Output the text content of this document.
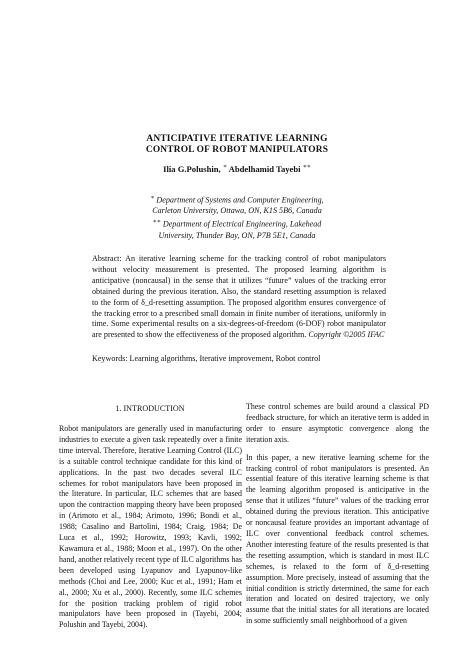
ANTICIPATIVE ITERATIVE LEARNING
CONTROL OF ROBOT MANIPULATORS
Ilia G.Polushin, ∗ Abdelhamid Tayebi ∗∗
∗ Department of Systems and Computer Engineering,
Carleton University, Ottawa, ON, K1S 5B6, Canada
∗∗ Department of Electrical Engineering, Lakehead
University, Thunder Bay, ON, P7B 5E1, Canada
Abstract: An iterative learning scheme for the tracking control of robot manipulators without velocity measurement is presented. The proposed learning algorithm is anticipative (noncausal) in the sense that it utilizes “future” values of the tracking error obtained during the previous iteration. Also, the standard resetting assumption is relaxed to the form of δ_d-resetting assumption. The proposed algorithm ensures convergence of the tracking error to a prescribed small domain in finite number of iterations, uniformly in time. Some experimental results on a six-degrees-of-freedom (6-DOF) robot manipulator are presented to show the effectiveness of the proposed algorithm. Copyright ©2005 IFAC
Keywords: Learning algorithms, Iterative improvement, Robot control
1. INTRODUCTION

Robot manipulators are generally used in manufacturing industries to execute a given task repeatedly over a finite time interval. Therefore, Iterative Learning Control (ILC) is a suitable control technique candidate for this kind of applications. In the past two decades several ILC schemes for robot manipulators have been proposed in the literature. In particular, ILC schemes that are based upon the contraction mapping theory have been proposed in (Arimoto et al., 1984; Arimoto, 1996; Bondi et al., 1988; Casalino and Bartolini, 1984; Craig, 1984; De Luca et al., 1992; Horowitz, 1993; Kavli, 1992; Kawamura et al., 1988; Moon et al., 1997). On the other hand, another relatively recent type of ILC algorithms has been developed using Lyapunov and Lyapunov-like methods (Choi and Lee, 2000; Kuc et al., 1991; Ham et al., 2000; Xu et al., 2000). Recently, some ILC schemes for the position tracking problem of rigid robot manipulators have been proposed in (Tayebi, 2004; Polushin and Tayebi, 2004).

These control schemes are build around a classical PD feedback structure, for which an iterative term is added in order to ensure asymptotic convergence along the iteration axis.

In this paper, a new iterative learning scheme for the tracking control of robot manipulators is presented. An essential feature of this iterative learning scheme is that the learning algorithm proposed is anticipative in the sense that it utilizes “future” values of the tracking error obtained during the previous iteration. This anticipative or noncausal feature provides an important advantage of ILC over conventional feedback control schemes. Another interesting feature of the results presented is that the resetting assumption, which is standard in most ILC schemes, is relaxed to the form of δ_d-resetting assumption. More precisely, instead of assuming that the initial condition is strictly determined, the same for each iteration and located on desired trajectory, we only assume that the initial states for all iterations are located in some sufficiently small neighborhood of a given
